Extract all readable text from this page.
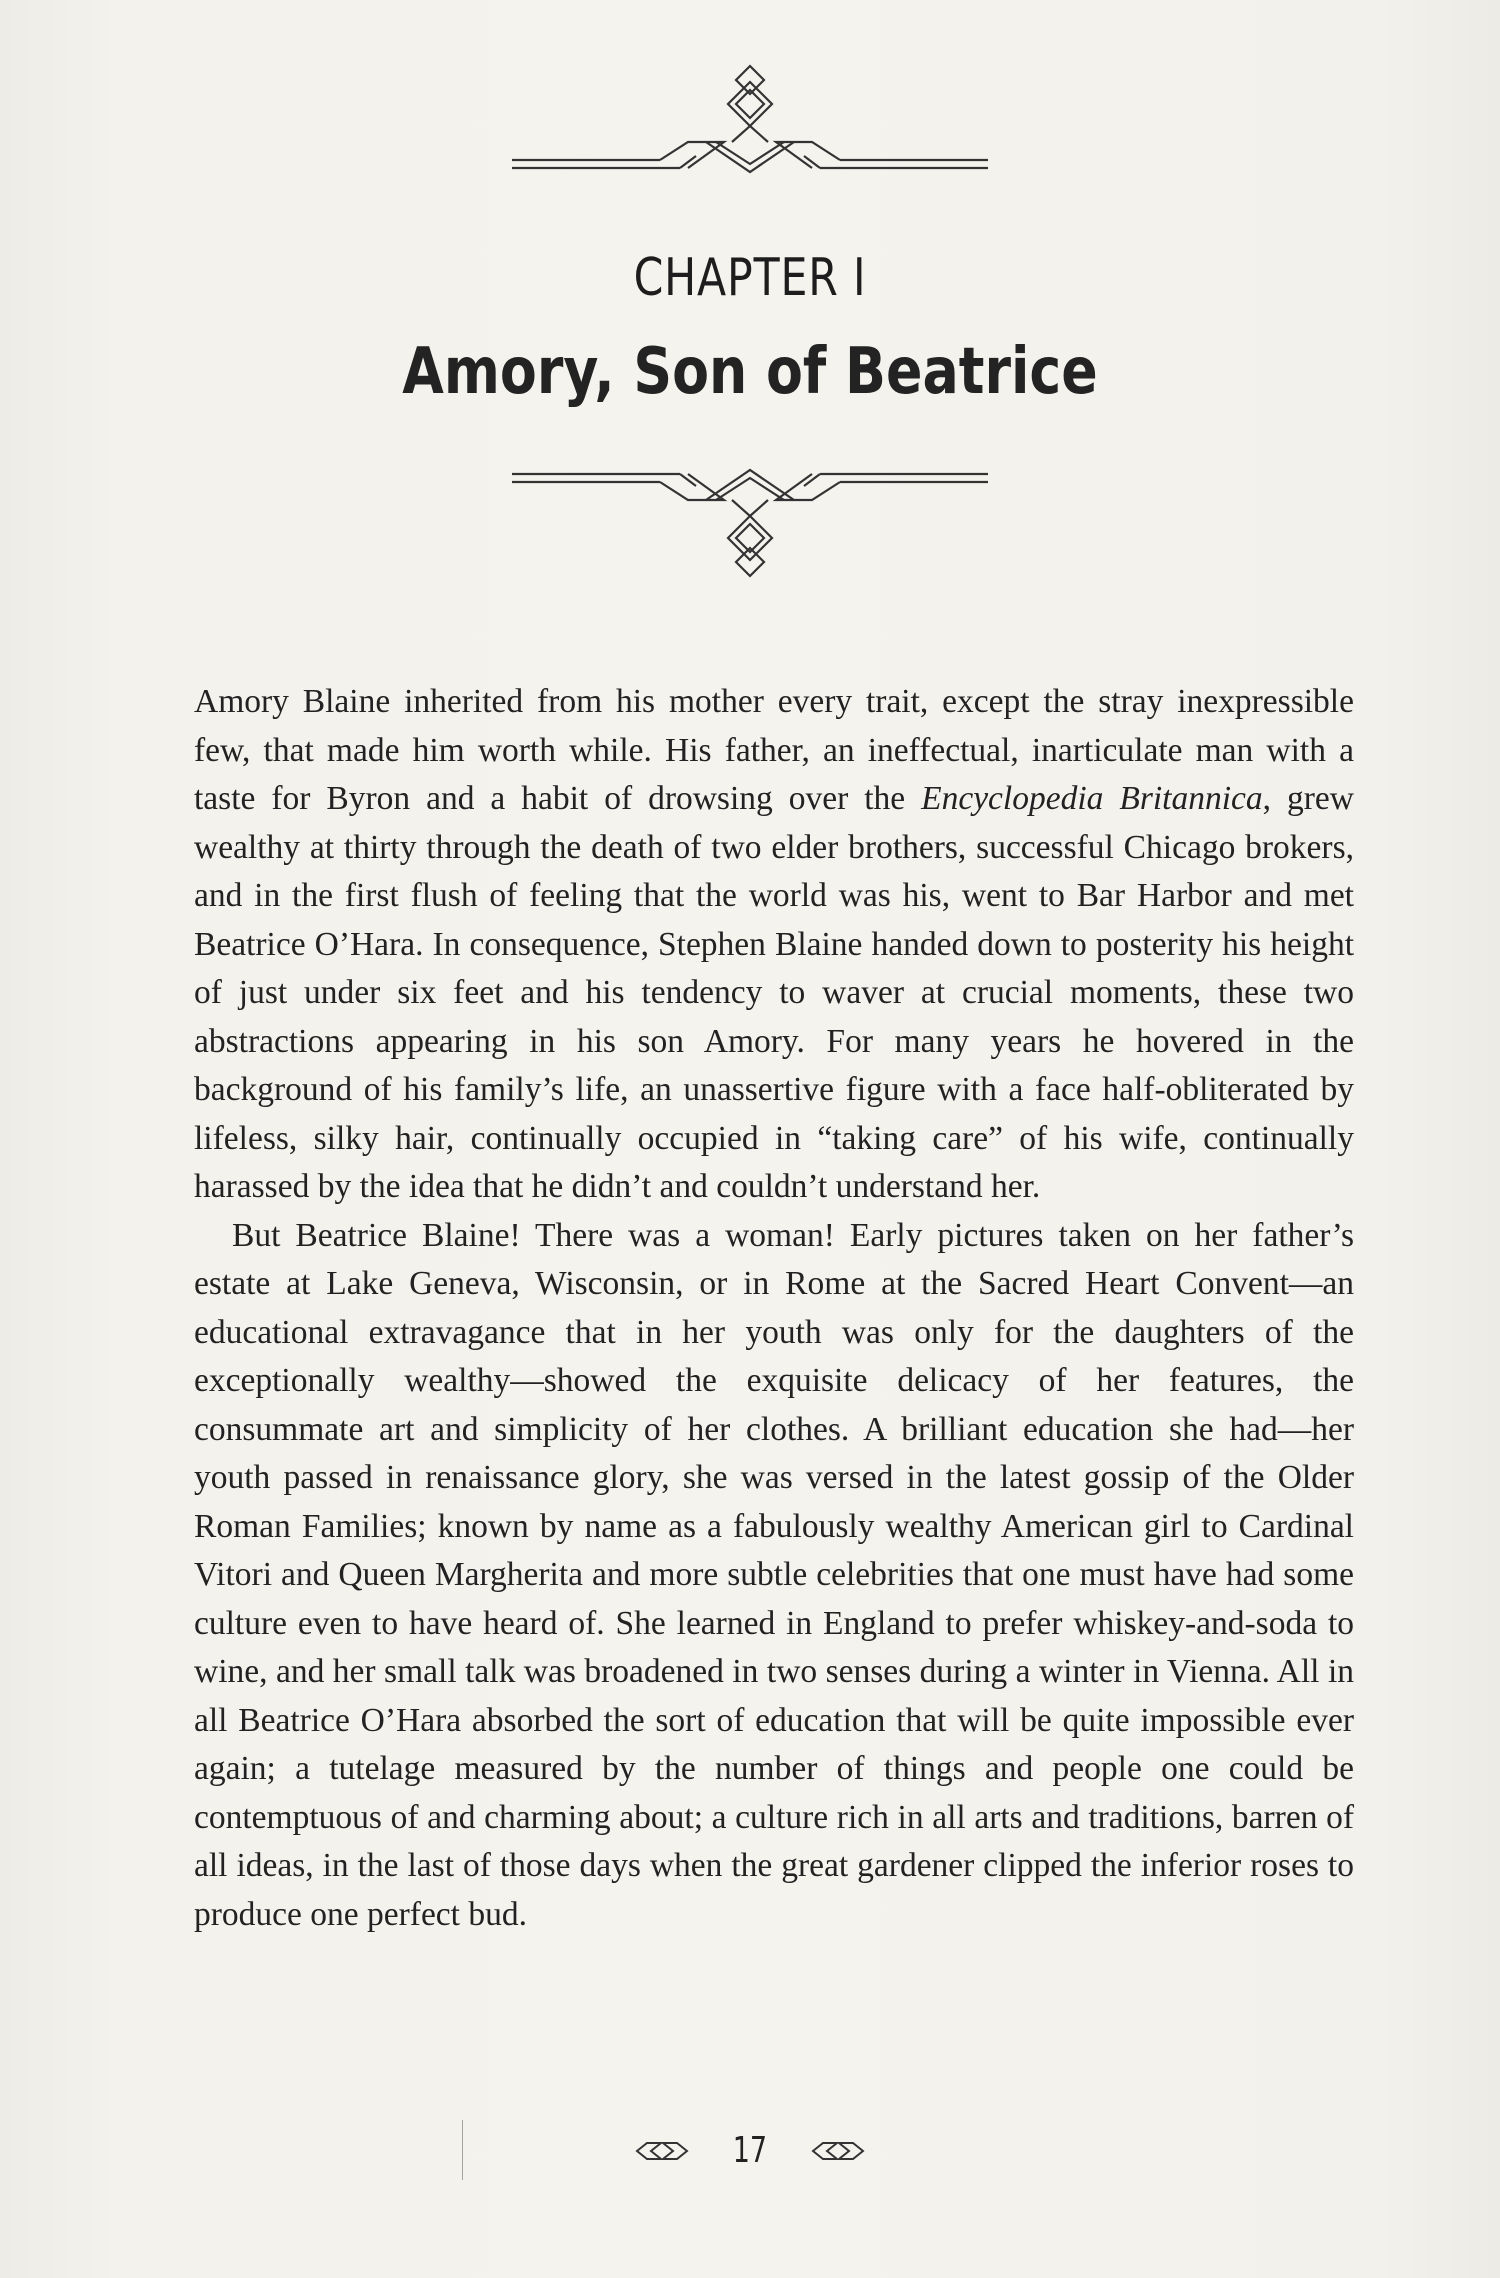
CHAPTER I
Amory, Son of Beatrice

Amory Blaine inherited from his mother every trait, except the stray inexpressible few, that made him worth while. His father, an ineffectual, inarticulate man with a taste for Byron and a habit of drowsing over the Encyclopedia Britannica, grew wealthy at thirty through the death of two elder brothers, successful Chicago brokers, and in the first flush of feeling that the world was his, went to Bar Harbor and met Beatrice O’Hara. In consequence, Stephen Blaine handed down to posterity his height of just under six feet and his tendency to waver at crucial moments, these two abstractions appearing in his son Amory. For many years he hovered in the background of his family’s life, an unassertive figure with a face half-obliterated by lifeless, silky hair, continually occupied in “taking care” of his wife, continually harassed by the idea that he didn’t and couldn’t understand her.

But Beatrice Blaine! There was a woman! Early pictures taken on her father’s estate at Lake Geneva, Wisconsin, or in Rome at the Sacred Heart Convent—an educational extravagance that in her youth was only for the daughters of the exceptionally wealthy—showed the exquisite delicacy of her features, the consummate art and simplicity of her clothes. A brilliant education she had—her youth passed in renaissance glory, she was versed in the latest gossip of the Older Roman Families; known by name as a fabulously wealthy American girl to Cardinal Vitori and Queen Margherita and more subtle celebrities that one must have had some culture even to have heard of. She learned in England to prefer whiskey-and-soda to wine, and her small talk was broadened in two senses during a winter in Vienna. All in all Beatrice O’Hara absorbed the sort of education that will be quite impossible ever again; a tutelage measured by the number of things and people one could be contemptuous of and charming about; a culture rich in all arts and traditions, barren of all ideas, in the last of those days when the great gardener clipped the inferior roses to produce one perfect bud.

17
